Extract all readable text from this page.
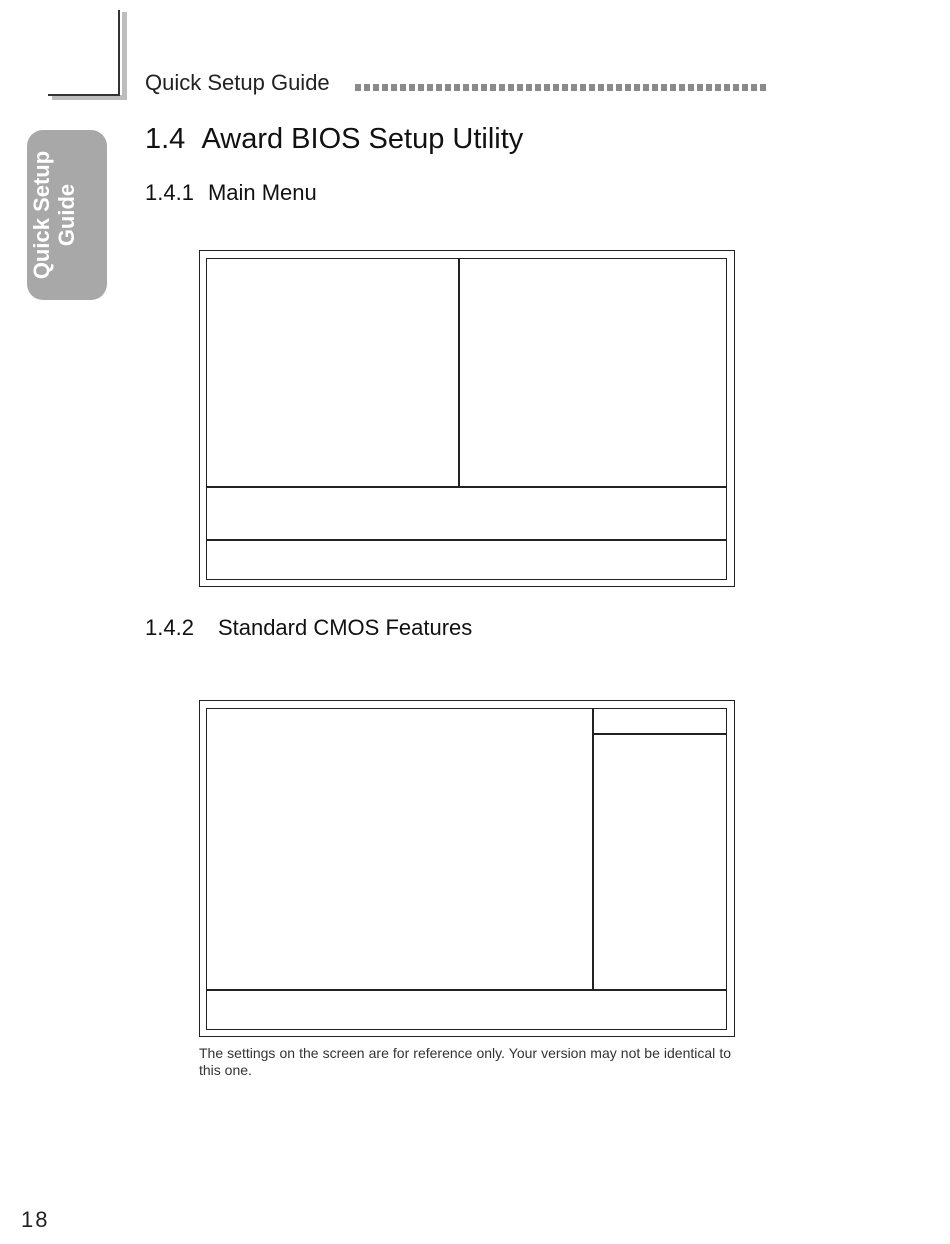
Quick Setup Guide
Quick Setup Guide
1.4 Award BIOS Setup Utility
1.4.1 Main Menu
1.4.2 Standard CMOS Features
The settings on the screen are for reference only. Your version may not be identical to this one.
18
